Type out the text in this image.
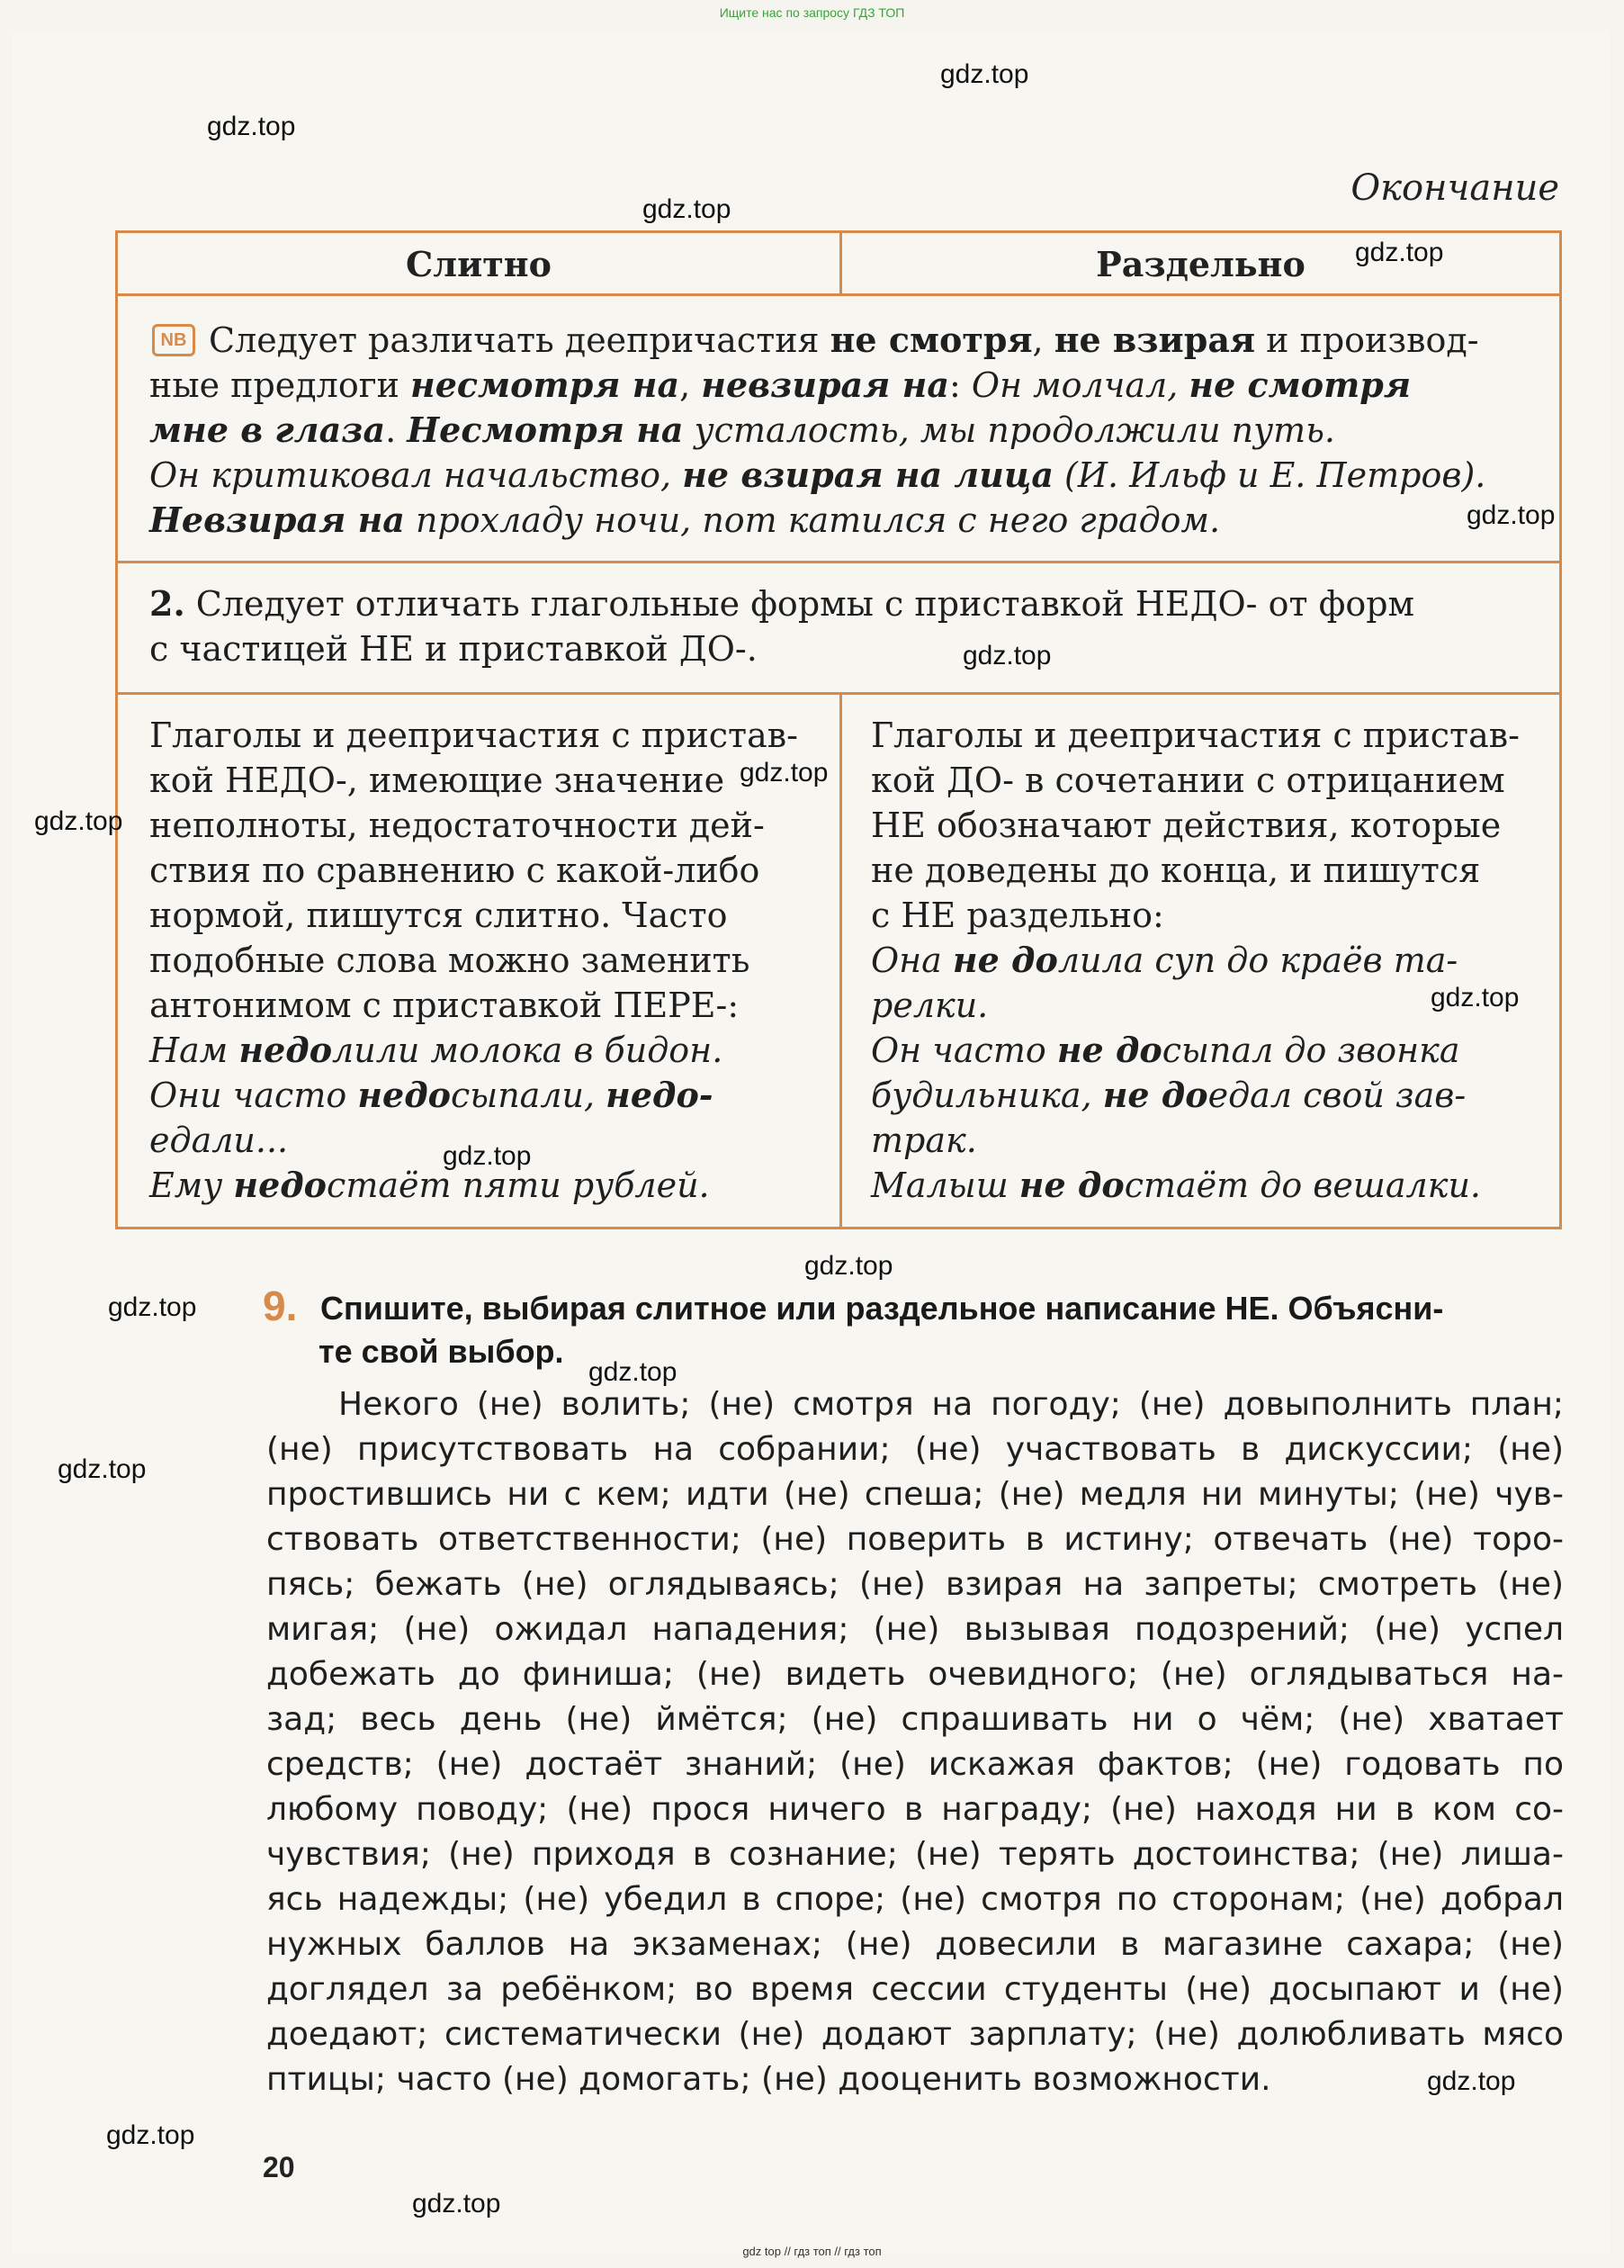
Ищите нас по запросу ГДЗ ТОП
Окончание
Слитно	Раздельно
NB Следует различать деепричастия не смотря, не взирая и производ-
ные предлоги несмотря на, невзирая на: Он молчал, не смотря
мне в глаза. Несмотря на усталость, мы продолжили путь.
Он критиковал начальство, не взирая на лица (И. Ильф и Е. Петров).
Невзирая на прохладу ночи, пот катился с него градом.
2. Следует отличать глагольные формы с приставкой НЕДО- от форм
с частицей НЕ и приставкой ДО-.
Глаголы и деепричастия с пристав-
кой НЕДО-, имеющие значение
неполноты, недостаточности дей-
ствия по сравнению с какой-либо
нормой, пишутся слитно. Часто
подобные слова можно заменить
антонимом с приставкой ПЕРЕ-:
Нам недолили молока в бидон.
Они часто недосыпали, недо-
едали...
Ему недостаёт пяти рублей.
Глаголы и деепричастия с пристав-
кой ДО- в сочетании с отрицанием
НЕ обозначают действия, которые
не доведены до конца, и пишутся
с НЕ раздельно:
Она не долила суп до краёв та-
релки.
Он часто не досыпал до звонка
будильника, не доедал свой зав-
трак.
Малыш не достаёт до вешалки.
9. Спишите, выбирая слитное или раздельное написание НЕ. Объясни-
те свой выбор.
Некого (не) волить; (не) смотря на погоду; (не) довыполнить план;
(не) присутствовать на собрании; (не) участвовать в дискуссии; (не)
простившись ни с кем; идти (не) спеша; (не) медля ни минуты; (не) чув-
ствовать ответственности; (не) поверить в истину; отвечать (не) торо-
пясь; бежать (не) оглядываясь; (не) взирая на запреты; смотреть (не)
мигая; (не) ожидал нападения; (не) вызывая подозрений; (не) успел
добежать до финиша; (не) видеть очевидного; (не) оглядываться на-
зад; весь день (не) ймётся; (не) спрашивать ни о чём; (не) хватает
средств; (не) достаёт знаний; (не) искажая фактов; (не) годовать по
любому поводу; (не) прося ничего в награду; (не) находя ни в ком со-
чувствия; (не) приходя в сознание; (не) терять достоинства; (не) лиша-
ясь надежды; (не) убедил в споре; (не) смотря по сторонам; (не) добрал
нужных баллов на экзаменах; (не) довесили в магазине сахара; (не)
доглядел за ребёнком; во время сессии студенты (не) досыпают и (не)
доедают; систематически (не) додают зарплату; (не) долюбливать мясо
птицы; часто (не) домогать; (не) дооценить возможности.
20
gdz top // гдз топ // гдз топ
gdz.top
gdz.top
gdz.top
gdz.top
gdz.top
gdz.top
gdz.top
gdz.top
gdz.top
gdz.top
gdz.top
gdz.top
gdz.top
gdz.top
gdz.top
gdz.top
gdz.top
